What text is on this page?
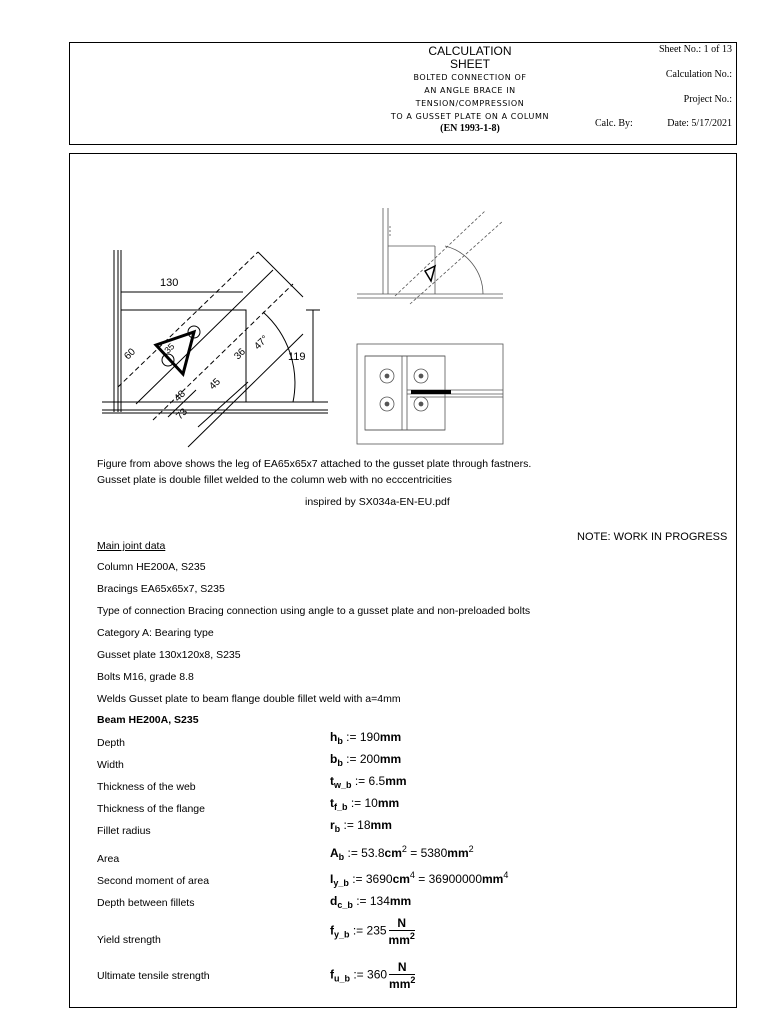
CALCULATION
SHEET
BOLTED CONNECTION OF
AN ANGLE BRACE IN
TENSION/COMPRESSION
TO A GUSSET PLATE ON A COLUMN
(EN 1993-1-8)
Sheet No.: 1 of 13
Calculation No.:
Project No.:
Calc. By:	Date: 5/17/2021
130
119
36
47°
45
48
73
35
60
Figure from above shows the leg of EA65x65x7 attached to the gusset plate through fastners.
Gusset plate is double fillet welded to the column web with no ecccentricities
inspired by SX034a-EN-EU.pdf
NOTE: WORK IN PROGRESS
Main joint data
Column HE200A, S235
Bracings EA65x65x7, S235
Type of connection Bracing connection using angle to a gusset plate and non-preloaded bolts
Category A: Bearing type
Gusset plate 130x120x8, S235
Bolts M16, grade 8.8
Welds Gusset plate to beam flange double fillet weld with a=4mm
Beam HE200A, S235
Depth
Width
Thickness of the web
Thickness of the flange
Fillet radius
Area
Second moment of area
Depth between fillets
Yield strength
Ultimate tensile strength
$h_b$ := 190mm
$b_b$ := 200mm
$t_{w\_b}$ := 6.5mm
$t_{f\_b}$ := 10mm
$r_b$ := 18mm
$A_b$ := $53.8cm^2 = 5380mm^2$
$I_{y\_b}$ := $3690cm^4 = 36900000mm^4$
$d_{c\_b}$ := 134mm
$f_{y\_b}$ := $235 \frac{N}{mm^2}$
$f_{u\_b}$ := $360 \frac{N}{mm^2}$
